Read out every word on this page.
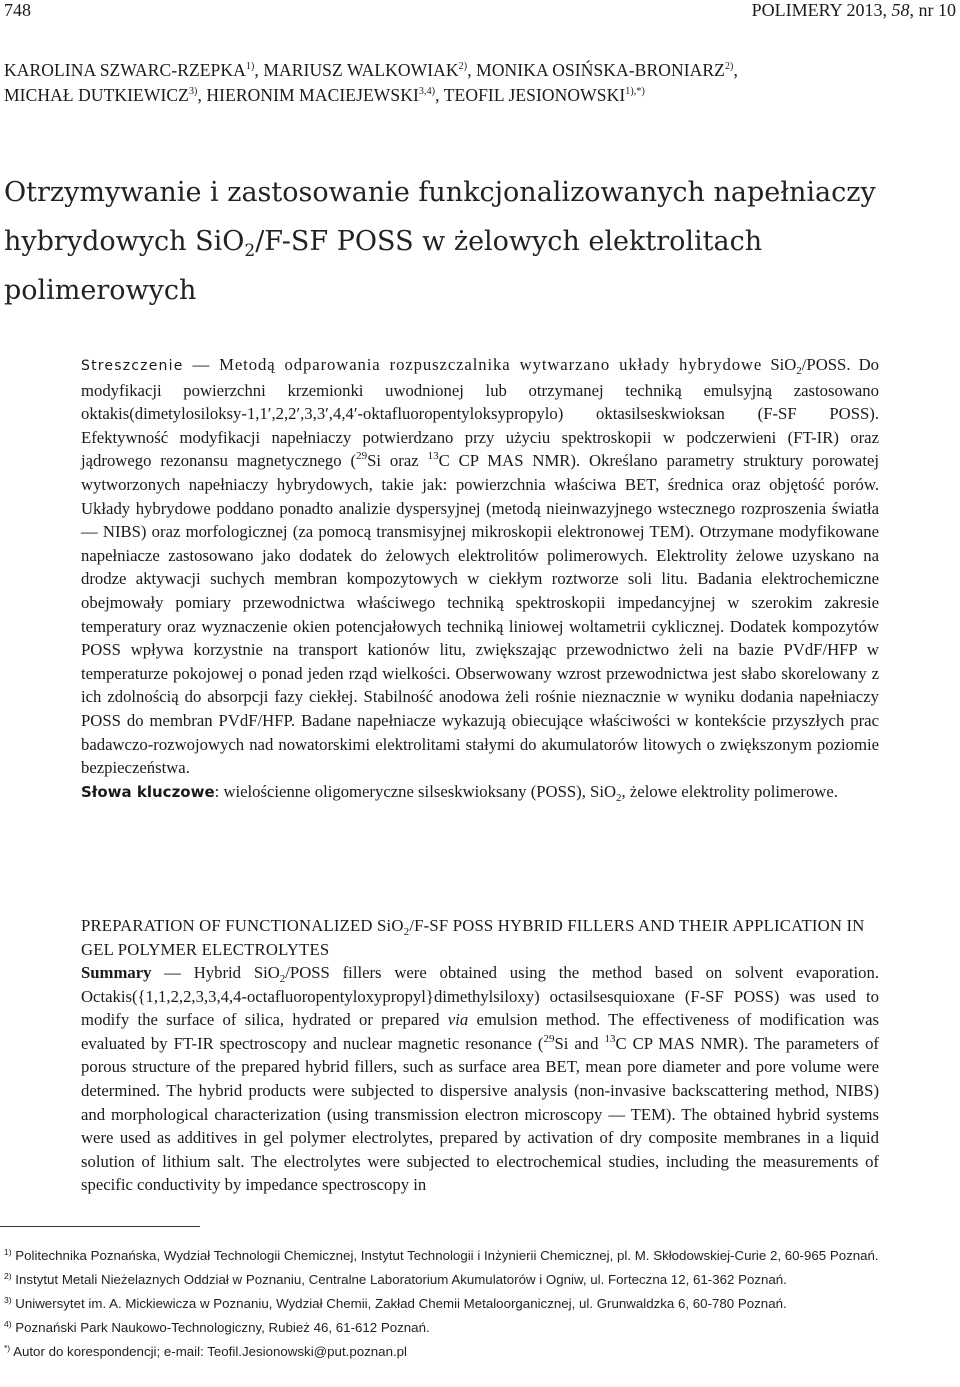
748	POLIMERY 2013, 58, nr 10
KAROLINA SZWARC-RZEPKA$^{1)}$, MARIUSZ WALKOWIAK$^{2)}$, MONIKA OSIŃSKA-BRONIARZ$^{2)}$,
MICHAŁ DUTKIEWICZ$^{3)}$, HIERONIM MACIEJEWSKI$^{3,4)}$, TEOFIL $JESIONOWSKI^{1),*)}$
Otrzymywanie i zastosowanie funkcjonalizowanych napełniaczy
hybrydowych SiO$_2$/F-SF POSS w żelowych elektrolitach
polimerowych

Streszczenie — Metodą odparowania rozpuszczalnika wytwarzano układy hybrydowe SiO$_2$/POSS. Do modyfikacji powierzchni krzemionki uwodnionej lub otrzymanej techniką emulsyjną zastosowano oktakis(dimetylosiloksy-1,1′,2,2′,3,3′,4,4′-oktafluoropentyloksypropylo) oktasilseskwioksan (F-SF POSS). Efektywność modyfikacji napełniaczy potwierdzano przy użyciu spektroskopii w podczerwieni (FT-IR) oraz jądrowego rezonansu magnetycznego ($^{29}$Si oraz $^{13}$C CP MAS NMR). Określano parametry struktury porowatej wytworzonych napełniaczy hybrydowych, takie jak: powierzchnia właściwa BET, średnica oraz objętość porów. Układy hybrydowe poddano ponadto analizie dyspersyjnej (metodą nieinwazyjnego wstecznego rozproszenia światła — NIBS) oraz morfologicznej (za pomocą transmisyjnej mikroskopii elektronowej TEM). Otrzymane modyfikowane napełniacze zastosowano jako dodatek do żelowych elektrolitów polimerowych. Elektrolity żelowe uzyskano na drodze aktywacji suchych membran kompozytowych w ciekłym roztworze soli litu. Badania elektrochemiczne obejmowały pomiary przewodnictwa właściwego techniką spektroskopii impedancyjnej w szerokim zakresie temperatury oraz wyznaczenie okien potencjałowych techniką liniowej woltametrii cyklicznej. Dodatek kompozytów POSS wpływa korzystnie na transport kationów litu, zwiększając przewodnictwo żeli na bazie PVdF/HFP w temperaturze pokojowej o ponad jeden rząd wielkości. Obserwowany wzrost przewodnictwa jest słabo skorelowany z ich zdolnością do absorpcji fazy ciekłej. Stabilność anodowa żeli rośnie nieznacznie w wyniku dodania napełniaczy POSS do membran PVdF/HFP. Badane napełniacze wykazują obiecujące właściwości w kontekście przyszłych prac badawczo-rozwojowych nad nowatorskimi elektrolitami stałymi do akumulatorów litowych o zwiększonym poziomie bezpieczeństwa.

Słowa kluczowe: wielościenne oligomeryczne silseskwioksany (POSS), SiO$_2$, żelowe elektrolity polimerowe.

PREPARATION OF FUNCTIONALIZED SiO$_2$/F-SF POSS HYBRID FILLERS AND THEIR APPLICATION IN GEL POLYMER ELECTROLYTES

Summary — Hybrid SiO$_2$/POSS fillers were obtained using the method based on solvent evaporation. Octakis({1,1,2,2,3,3,4,4-octafluoropentyloxypropyl}dimethylsiloxy) octasilsesquioxane (F-SF POSS) was used to modify the surface of silica, hydrated or prepared via emulsion method. The effectiveness of modification was evaluated by FT-IR spectroscopy and nuclear magnetic resonance ($^{29}$Si and $^{13}$C CP MAS NMR). The parameters of porous structure of the prepared hybrid fillers, such as surface area BET, mean pore diameter and pore volume were determined. The hybrid products were subjected to dispersive analysis (non-invasive backscattering method, NIBS) and morphological characterization (using transmission electron microscopy — TEM). The obtained hybrid systems were used as additives in gel polymer electrolytes, prepared by activation of dry composite membranes in a liquid solution of lithium salt. The electrolytes were subjected to electrochemical studies, including the measurements of specific conductivity by impedance spectroscopy in

$^{1)}$ Politechnika Poznańska, Wydział Technologii Chemicznej, Instytut Technologii i Inżynierii Chemicznej, pl. M. Skłodowskiej-Curie 2, 60-965 Poznań.
$^{2)}$ Instytut Metali Nieżelaznych Oddział w Poznaniu, Centralne Laboratorium Akumulatorów i Ogniw, ul. Forteczna 12, 61-362 Poznań.
$^{3)}$ Uniwersytet im. A. Mickiewicza w Poznaniu, Wydział Chemii, Zakład Chemii Metaloorganicznej, ul. Grunwaldzka 6, 60-780 Poznań.
$^{4)}$ Poznański Park Naukowo-Technologiczny, Rubież 46, 61-612 Poznań.
*) Autor do korespondencji; e-mail: Teofil.Jesionowski@put.poznan.pl
